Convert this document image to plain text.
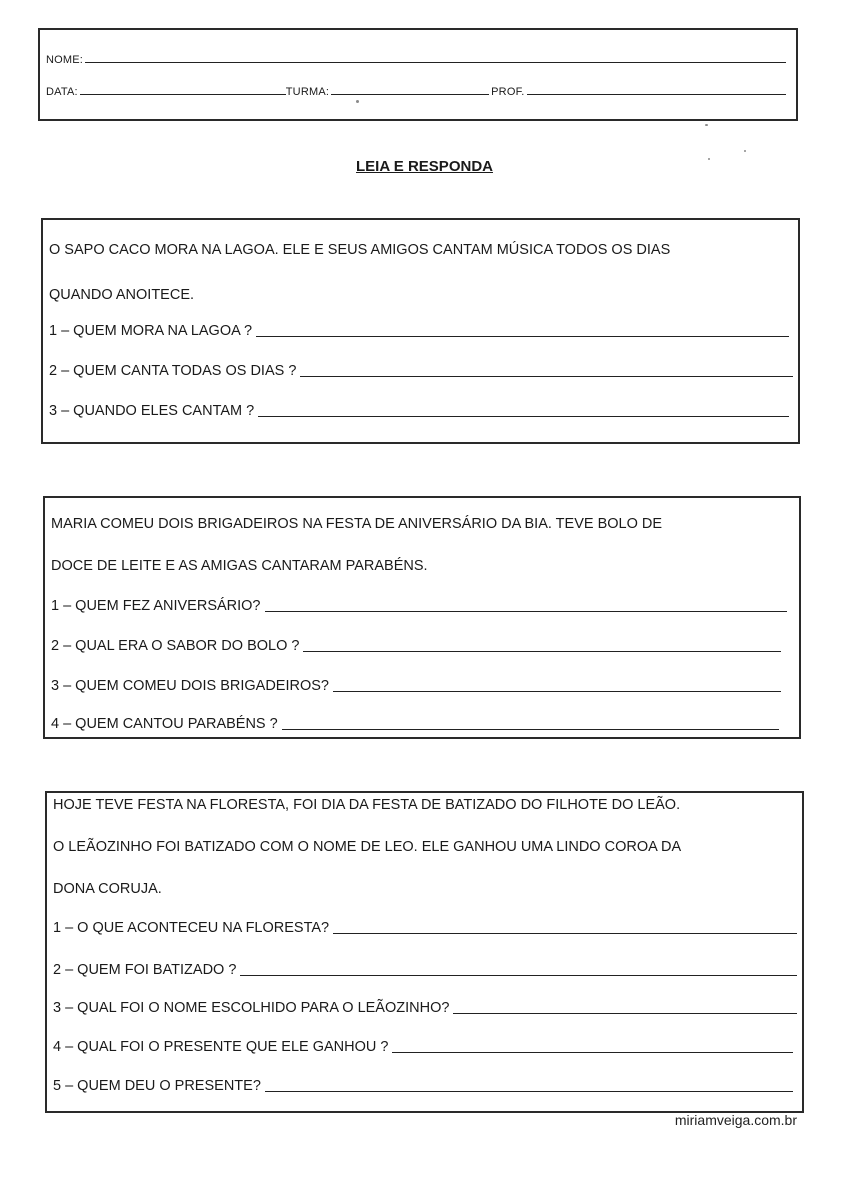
NOME:
DATA:	TURMA:	PROF.
LEIA E RESPONDA
O SAPO CACO MORA NA LAGOA. ELE E SEUS AMIGOS CANTAM MÚSICA TODOS OS DIAS
QUANDO ANOITECE.
1 – QUEM MORA NA LAGOA ?
2 – QUEM CANTA TODAS OS DIAS ?
3 – QUANDO ELES CANTAM ?
MARIA COMEU DOIS BRIGADEIROS NA FESTA DE ANIVERSÁRIO DA BIA. TEVE BOLO DE
DOCE DE LEITE E AS AMIGAS CANTARAM PARABÉNS.
1 – QUEM FEZ ANIVERSÁRIO?
2 – QUAL ERA O SABOR DO BOLO ?
3 – QUEM COMEU DOIS BRIGADEIROS?
4 – QUEM CANTOU PARABÉNS ?
HOJE TEVE FESTA NA FLORESTA, FOI DIA DA FESTA DE BATIZADO DO FILHOTE DO LEÃO.
O LEÃOZINHO FOI BATIZADO COM O NOME DE LEO. ELE GANHOU UMA LINDO COROA DA
DONA CORUJA.
1 – O QUE ACONTECEU NA FLORESTA?
2 – QUEM FOI BATIZADO ?
3 – QUAL FOI O NOME ESCOLHIDO PARA O LEÃOZINHO?
4 – QUAL FOI O PRESENTE QUE ELE GANHOU ?
5 – QUEM DEU O PRESENTE?
miriamveiga.com.br
